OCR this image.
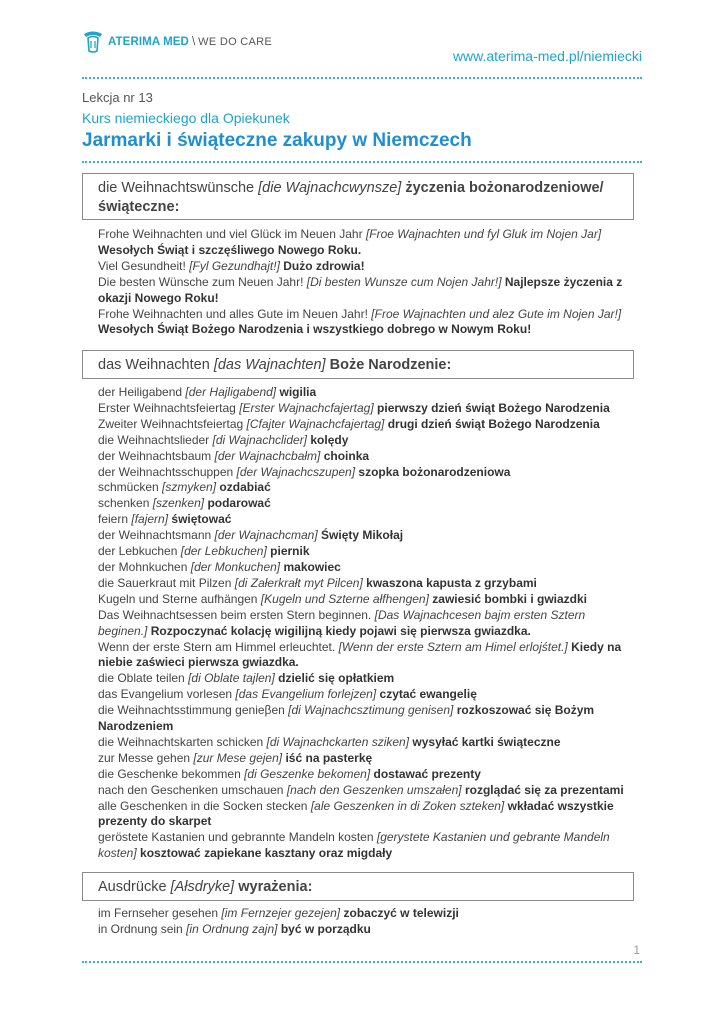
ATERIMA MED \ WE DO CARE
www.aterima-med.pl/niemiecki
Lekcja nr 13
Kurs niemieckiego dla Opiekunek
Jarmarki i świąteczne zakupy w Niemczech
die Weihnachtswünsche [die Wajnachcwynsze] życzenia bożonarodzeniowe/świąteczne:
Frohe Weihnachten und viel Glück im Neuen Jahr [Froe Wajnachten und fyl Gluk im Nojen Jar]
Wesołych Świąt i szczęśliwego Nowego Roku.
Viel Gesundheit! [Fyl Gezundhajt!] Dużo zdrowia!
Die besten Wünsche zum Neuen Jahr! [Di besten Wunsze cum Nojen Jahr!] Najlepsze życzenia z
okazji Nowego Roku!
Frohe Weihnachten und alles Gute im Neuen Jahr! [Froe Wajnachten und alez Gute im Nojen Jar!]
Wesołych Świąt Bożego Narodzenia i wszystkiego dobrego w Nowym Roku!
das Weihnachten [das Wajnachten] Boże Narodzenie:
der Heiligabend [der Hajligabend] wigilia
Erster Weihnachtsfeiertag [Erster Wajnachcfajertag] pierwszy dzień świąt Bożego Narodzenia
Zweiter Weihnachtsfeiertag [Cfajter Wajnachcfajertag] drugi dzień świąt Bożego Narodzenia
die Weihnachtslieder [di Wajnachclider] kolędy
der Weihnachtsbaum [der Wajnachcbałm] choinka
der Weihnachtsschuppen [der Wajnachcszupen] szopka bożonarodzeniowa
schmücken [szmyken] ozdabiać
schenken [szenken] podarować
feiern [fajern] świętować
der Weihnachtsmann [der Wajnachcman] Święty Mikołaj
der Lebkuchen [der Lebkuchen] piernik
der Mohnkuchen [der Monkuchen] makowiec
die Sauerkraut mit Pilzen [di Załerkrałt myt Pilcen] kwaszona kapusta z grzybami
Kugeln und Sterne aufhängen [Kugeln und Szterne ałfhengen] zawiesić bombki i gwiazdki
Das Weihnachtsessen beim ersten Stern beginnen. [Das Wajnachcesen bajm ersten Sztern
beginen.] Rozpoczynać kolację wigilijną kiedy pojawi się pierwsza gwiazdka.
Wenn der erste Stern am Himmel erleuchtet. [Wenn der erste Sztern am Himel erlojśtet.] Kiedy na
niebie zaświeci pierwsza gwiazdka.
die Oblate teilen [di Oblate tajlen] dzielić się opłatkiem
das Evangelium vorlesen [das Evangelium forlejzen] czytać ewangelię
die Weihnachtsstimmung genieβen [di Wajnachcsztimung genisen] rozkoszować się Bożym
Narodzeniem
die Weihnachtskarten schicken [di Wajnachckarten sziken] wysyłać kartki świąteczne
zur Messe gehen [zur Mese gejen] iść na pasterkę
die Geschenke bekommen [di Geszenke bekomen] dostawać prezenty
nach den Geschenken umschauen [nach den Geszenken umszałen] rozglądać się za prezentami
alle Geschenken in die Socken stecken [ale Geszenken in di Zoken szteken] wkładać wszystkie
prezenty do skarpet
gerӧstete Kastanien und gebrannte Mandeln kosten [gerystete Kastanien und gebrante Mandeln
kosten] kosztować zapiekane kasztany oraz migdały
Ausdrücke [Ałsdryke] wyrażenia:
im Fernseher gesehen [im Fernzejer gezejen] zobaczyć w telewizji
in Ordnung sein [in Ordnung zajn] być w porządku
1
